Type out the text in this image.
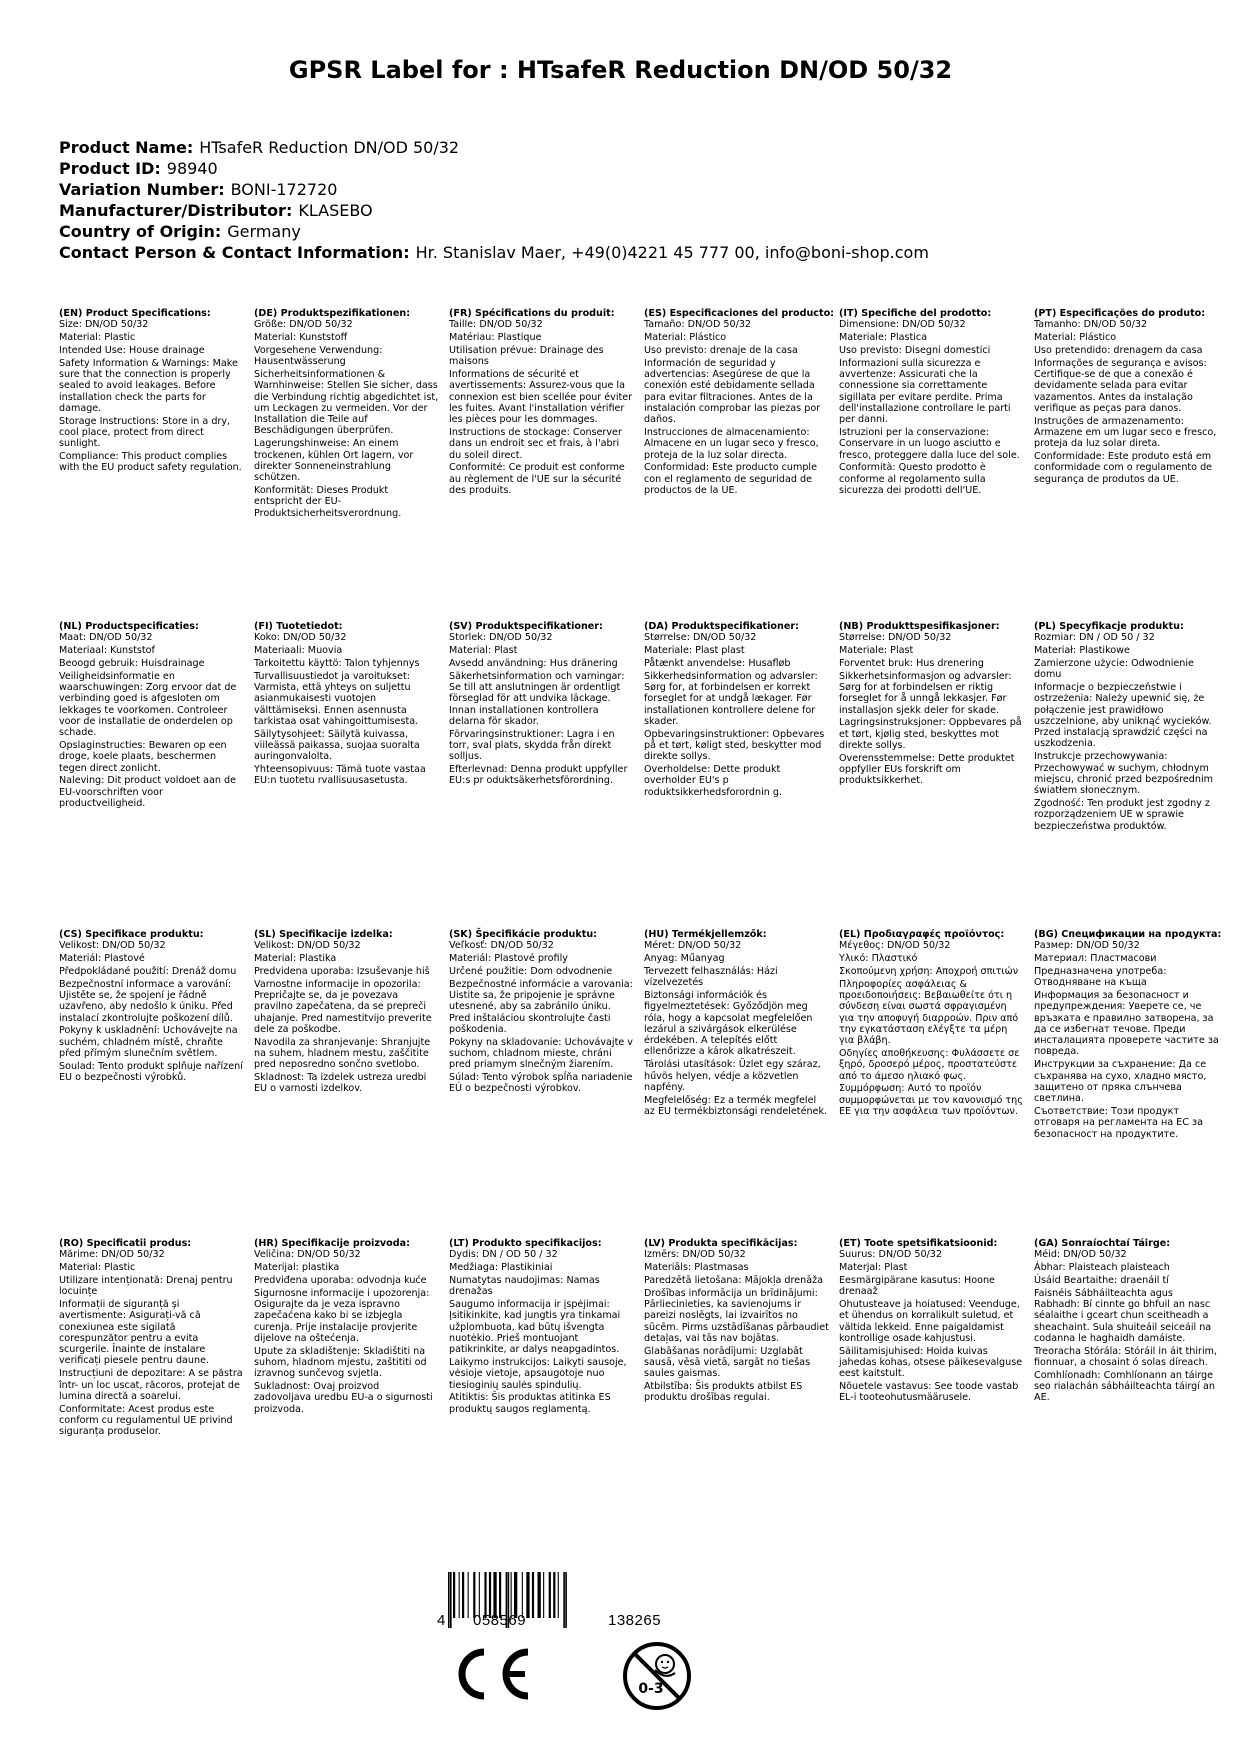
GPSR Label for : HTsafeR Reduction DN/OD 50/32
Product Name: HTsafeR Reduction DN/OD 50/32
Product ID: 98940
Variation Number: BONI-172720
Manufacturer/Distributor: KLASEBO
Country of Origin: Germany
Contact Person & Contact Information: Hr. Stanislav Maer, +49(0)4221 45 777 00, info@boni-shop.com
(EN) Product Specifications:
Size: DN/OD 50/32
Material: Plastic
Intended Use: House drainage
Safety Information & Warnings: Make sure that the connection is properly sealed to avoid leakages. Before installation check the parts for damage.
Storage Instructions: Store in a dry, cool place, protect from direct sunlight.
Compliance: This product complies with the EU product safety regulation.
(DE) Produktspezifikationen:
Größe: DN/OD 50/32
Material: Kunststoff
Vorgesehene Verwendung: Hausentwässerung
Sicherheitsinformationen & Warnhinweise: Stellen Sie sicher, dass die Verbindung richtig abgedichtet ist, um Leckagen zu vermeiden. Vor der Installation die Teile auf Beschädigungen überprüfen.
Lagerungshinweise: An einem trockenen, kühlen Ort lagern, vor direkter Sonneneinstrahlung schützen.
Konformität: Dieses Produkt entspricht der EU-Produktsicherheitsverordnung.
(FR) Spécifications du produit:
Taille: DN/OD 50/32
Matériau: Plastique
Utilisation prévue: Drainage des maisons
Informations de sécurité et avertissements: Assurez-vous que la connexion est bien scellée pour éviter les fuites. Avant l'installation vérifier les pièces pour les dommages.
Instructions de stockage: Conserver dans un endroit sec et frais, à l'abri du soleil direct.
Conformité: Ce produit est conforme au règlement de l'UE sur la sécurité des produits.
(ES) Especificaciones del producto:
Tamaño: DN/OD 50/32
Material: Plástico
Uso previsto: drenaje de la casa
Información de seguridad y advertencias: Asegúrese de que la conexión esté debidamente sellada para evitar filtraciones. Antes de la instalación comprobar las piezas por daños.
Instrucciones de almacenamiento: Almacene en un lugar seco y fresco, proteja de la luz solar directa.
Conformidad: Este producto cumple con el reglamento de seguridad de productos de la UE.
(IT) Specifiche del prodotto:
Dimensione: DN/OD 50/32
Materiale: Plastica
Uso previsto: Disegni domestici
Informazioni sulla sicurezza e avvertenze: Assicurati che la connessione sia correttamente sigillata per evitare perdite. Prima dell'installazione controllare le parti per danni.
Istruzioni per la conservazione: Conservare in un luogo asciutto e fresco, proteggere dalla luce del sole.
Conformità: Questo prodotto è conforme al regolamento sulla sicurezza dei prodotti dell'UE.
(PT) Especificações do produto:
Tamanho: DN/OD 50/32
Material: Plástico
Uso pretendido: drenagem da casa
Informações de segurança e avisos: Certifique-se de que a conexão é devidamente selada para evitar vazamentos. Antes da instalação verifique as peças para danos.
Instruções de armazenamento: Armazene em um lugar seco e fresco, proteja da luz solar direta.
Conformidade: Este produto está em conformidade com o regulamento de segurança de produtos da UE.
(NL) Productspecificaties:
Maat: DN/OD 50/32
Materiaal: Kunststof
Beoogd gebruik: Huisdrainage
Veiligheidsinformatie en waarschuwingen: Zorg ervoor dat de verbinding goed is afgesloten om lekkages te voorkomen. Controleer voor de installatie de onderdelen op schade.
Opslaginstructies: Bewaren op een droge, koele plaats, beschermen tegen direct zonlicht.
Naleving: Dit product voldoet aan de EU-voorschriften voor productveiligheid.
(FI) Tuotetiedot:
Koko: DN/OD 50/32
Materiaali: Muovia
Tarkoitettu käyttö: Talon tyhjennys
Turvallisuustiedot ja varoitukset: Varmista, että yhteys on suljettu asianmukaisesti vuotojen välttämiseksi. Ennen asennusta tarkistaa osat vahingoittumisesta.
Säilytysohjeet: Säilytä kuivassa, viileässä paikassa, suojaa suoralta auringonvalolta.
Yhteensopivuus: Tämä tuote vastaa EU:n tuotetu rvallisuusasetusta.
(SV) Produktspecifikationer:
Storlek: DN/OD 50/32
Material: Plast
Avsedd användning: Hus dränering
Säkerhetsinformation och varningar: Se till att anslutningen är ordentligt förseglad för att undvika läckage. Innan installationen kontrollera delarna för skador.
Förvaringsinstruktioner: Lagra i en torr, sval plats, skydda från direkt solljus.
Efterlevnad: Denna produkt uppfyller EU:s pr oduktsäkerhetsförordning.
(DA) Produktspecifikationer:
Størrelse: DN/OD 50/32
Materiale: Plast plast
Påtænkt anvendelse: Husafløb
Sikkerhedsinformation og advarsler: Sørg for, at forbindelsen er korrekt forseglet for at undgå lækager. Før installationen kontrollere delene for skader.
Opbevaringsinstruktioner: Opbevares på et tørt, køligt sted, beskytter mod direkte sollys.
Overholdelse: Dette produkt overholder EU's p roduktsikkerhedsforordnin g.
(NB) Produkttspesifikasjoner:
Størrelse: DN/OD 50/32
Materiale: Plast
Forventet bruk: Hus drenering
Sikkerhetsinformasjon og advarsler: Sørg for at forbindelsen er riktig forseglet for å unngå lekkasjer. Før installasjon sjekk deler for skade.
Lagringsinstruksjoner: Oppbevares på et tørt, kjølig sted, beskyttes mot direkte sollys.
Overensstemmelse: Dette produktet oppfyller EUs forskrift om produktsikkerhet.
(PL) Specyfikacje produktu:
Rozmiar: DN / OD 50 / 32
Materiał: Plastikowe
Zamierzone użycie: Odwodnienie domu
Informacje o bezpieczeństwie i ostrzeżenia: Należy upewnić się, że połączenie jest prawidłowo uszczelnione, aby uniknąć wycieków. Przed instalacją sprawdzić części na uszkodzenia.
Instrukcje przechowywania: Przechowywać w suchym, chłodnym miejscu, chronić przed bezpośrednim światłem słonecznym.
Zgodność: Ten produkt jest zgodny z rozporządzeniem UE w sprawie bezpieczeństwa produktów.
(CS) Specifikace produktu:
Velikost: DN/OD 50/32
Materiál: Plastové
Předpokládané použití: Drenáž domu
Bezpečnostní informace a varování: Ujistěte se, že spojení je řádně uzavřeno, aby nedošlo k úniku. Před instalací zkontrolujte poškození dílů.
Pokyny k uskladnění: Uchovávejte na suchém, chladném místě, chraňte před přímým slunečním světlem.
Soulad: Tento produkt splňuje nařízení EU o bezpečnosti výrobků.
(SL) Specifikacije izdelka:
Velikost: DN/OD 50/32
Material: Plastika
Predvidena uporaba: Izsuševanje hiš
Varnostne informacije in opozorila: Prepričajte se, da je povezava pravilno zapečatena, da se prepreči uhajanje. Pred namestitvijo preverite dele za poškodbe.
Navodila za shranjevanje: Shranjujte na suhem, hladnem mestu, zaščitite pred neposredno sončno svetlobo.
Skladnost: Ta izdelek ustreza uredbi EU o varnosti izdelkov.
(SK) Špecifikácie produktu:
Veľkosť: DN/OD 50/32
Materiál: Plastové profily
Určené použitie: Dom odvodnenie
Bezpečnostné informácie a varovania: Uistite sa, že pripojenie je správne utesnené, aby sa zabránilo úniku. Pred inštaláciou skontrolujte časti poškodenia.
Pokyny na skladovanie: Uchovávajte v suchom, chladnom mieste, chráni pred priamym slnečným žiarením.
Súlad: Tento výrobok spĺňa nariadenie EÚ o bezpečnosti výrobkov.
(HU) Termékjellemzők:
Méret: DN/OD 50/32
Anyag: Műanyag
Tervezett felhasználás: Házi vízelvezetés
Biztonsági információk és figyelmeztetések: Győződjön meg róla, hogy a kapcsolat megfelelően lezárul a szivárgások elkerülése érdekében. A telepítés előtt ellenőrizze a károk alkatrészeit.
Tárolási utasítások: Üzlet egy száraz, hűvös helyen, védje a közvetlen napfény.
Megfelelőség: Ez a termék megfelel az EU termékbiztonsági rendeletének.
(EL) Προδιαγραφές προϊόντος:
Μέγεθος: DN/OD 50/32
Υλικό: Πλαστικό
Σκοπούμενη χρήση: Αποχροή σπιτιών
Πληροφορίες ασφάλειας & προειδοποιήσεις: Βεβαιωθείτε ότι η σύνδεση είναι σωστά σφραγισμένη για την αποφυγή διαρροών. Πριν από την εγκατάσταση ελέγξτε τα μέρη για βλάβη.
Οδηγίες αποθήκευσης: Φυλάσσετε σε ξηρό, δροσερό μέρος, προστατεύστε από το άμεσο ηλιακό φως.
Συμμόρφωση: Αυτό το προϊόν συμμορφώνεται με τον κανονισμό της ΕΕ για την ασφάλεια των προϊόντων.
(BG) Спецификации на продукта:
Размер: DN/OD 50/32
Материал: Пластмасови
Предназначена употреба: Отводняване на къща
Информация за безопасност и предупреждения: Уверете се, че връзката е правилно затворена, за да се избегнат течове. Преди инсталацията проверете частите за повреда.
Инструкции за съхранение: Да се съхранява на сухо, хладно място, защитено от пряка слънчева светлина.
Съответствие: Този продукт отговаря на регламента на ЕС за безопасност на продуктите.
(RO) Specificatii produs:
Mărime: DN/OD 50/32
Material: Plastic
Utilizare intenționată: Drenaj pentru locuințe
Informații de siguranță și avertismente: Asigurați-vă că conexiunea este sigilată corespunzător pentru a evita scurgerile. Înainte de instalare verificați piesele pentru daune.
Instrucțiuni de depozitare: A se păstra într- un loc uscat, răcoros, protejat de lumina directă a soarelui.
Conformitate: Acest produs este conform cu regulamentul UE privind siguranța produselor.
(HR) Specifikacije proizvoda:
Veličina: DN/OD 50/32
Materijal: plastika
Predviđena uporaba: odvodnja kuće
Sigurnosne informacije i upozorenja: Osigurajte da je veza ispravno zapečaćena kako bi se izbjegla curenja. Prije instalacije provjerite dijelove na oštećenja.
Upute za skladištenje: Skladištiti na suhom, hladnom mjestu, zaštititi od izravnog sunčevog svjetla.
Sukladnost: Ovaj proizvod zadovoljava uredbu EU-a o sigurnosti proizvoda.
(LT) Produkto specifikacijos:
Dydis: DN / OD 50 / 32
Medžiaga: Plastikiniai
Numatytas naudojimas: Namas drenažas
Saugumo informacija ir įspėjimai: Įsitikinkite, kad jungtis yra tinkamai užplombuota, kad būtų išvengta nuotėkio. Prieš montuojant patikrinkite, ar dalys neapgadintos.
Laikymo instrukcijos: Laikyti sausoje, vėsioje vietoje, apsaugotoje nuo tiesioginių saulės spindulių.
Atitiktis: Šis produktas atitinka ES produktų saugos reglamentą.
(LV) Produkta specifikācijas:
Izmērs: DN/OD 50/32
Materiāls: Plastmasas
Paredzētā lietošana: Mājokļa drenāža
Drošības informācija un brīdinājumi: Pārliecinieties, ka savienojums ir pareizi noslēgts, lai izvairītos no sūcēm. Pirms uzstādīšanas pārbaudiet detaļas, vai tās nav bojātas.
Glabāšanas norādījumi: Uzglabāt sausā, vēsā vietā, sargāt no tiešas saules gaismas.
Atbilstība: Šis produkts atbilst ES produktu drošības regulai.
(ET) Toote spetsifikatsioonid:
Suurus: DN/OD 50/32
Materjal: Plast
Eesmärgipärane kasutus: Hoone drenaaž
Ohutusteave ja hoiatused: Veenduge, et ühendus on korralikult suletud, et vältida lekkeid. Enne paigaldamist kontrollige osade kahjustusi.
Säilitamisjuhised: Hoida kuivas jahedas kohas, otsese päikesevalguse eest kaitstult.
Nõuetele vastavus: See toode vastab EL-i tooteohutusmäärusele.
(GA) Sonraíochtaí Táirge:
Méid: DN/OD 50/32
Ábhar: Plaisteach plaisteach
Úsáid Beartaithe: draenáil tí
Faisnéis Sábháilteachta agus Rabhadh: Bí cinnte go bhfuil an nasc séalaithe i gceart chun sceitheadh a sheachaint. Sula shuiteáil seiceáil na codanna le haghaidh damáiste.
Treoracha Stórála: Stóráil in áit thirim, fionnuar, a chosaint ó solas díreach.
Comhlíonadh: Comhlíonann an táirge seo rialachán sábháilteachta táirgí an AE.
4 058569	138265
0-3
